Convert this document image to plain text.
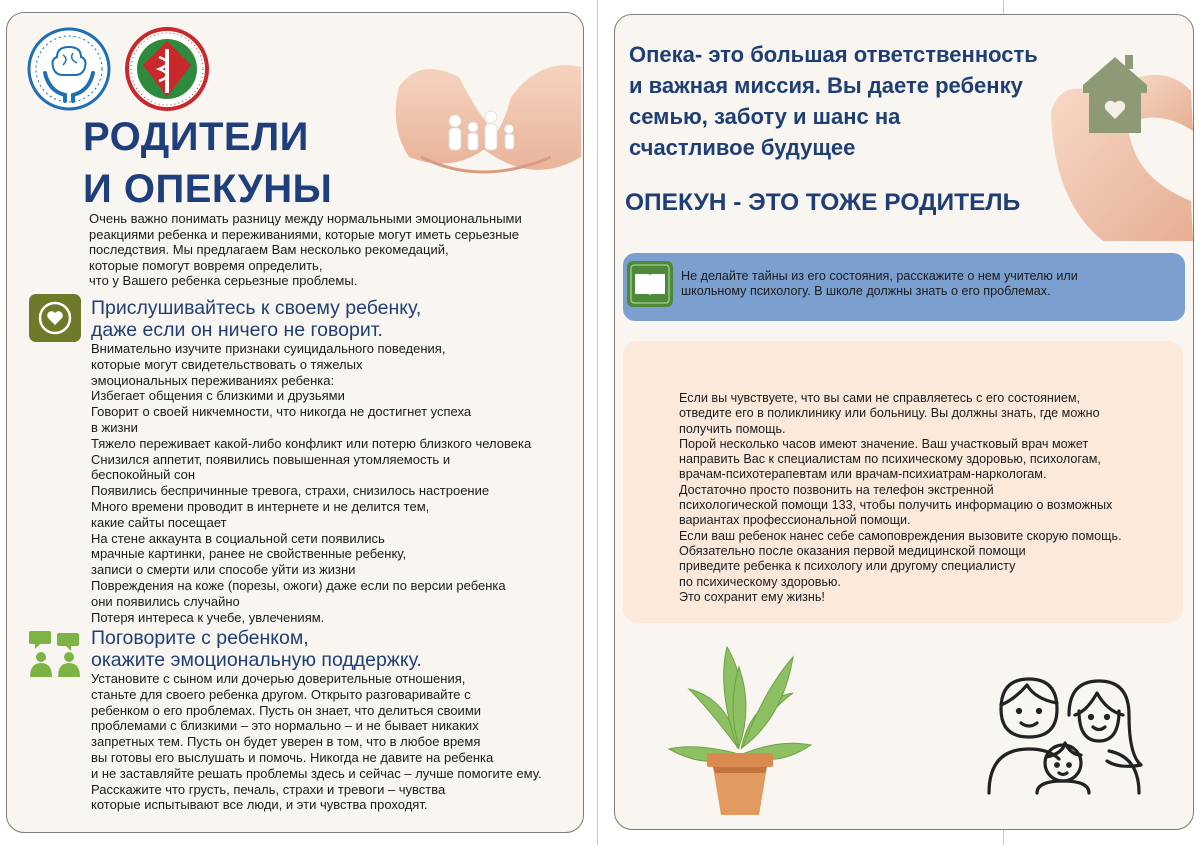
РОДИТЕЛИ
И ОПЕКУНЫ
Очень важно понимать разницу между нормальными эмоциональными
реакциями ребенка и переживаниями, которые могут иметь серьезные
последствия. Мы предлагаем Вам несколько рекомедаций,
которые помогут вовремя определить,
что у Вашего ребенка серьезные проблемы.
Прислушивайтесь к своему ребенку,
даже если он ничего не говорит.
Внимательно изучите признаки суицидального поведения,
которые могут свидетельствовать о тяжелых
эмоциональных переживаниях ребенка:
Избегает общения с близкими и друзьями
Говорит о своей никчемности, что никогда не достигнет успеха
в жизни
Тяжело переживает какой-либо конфликт или потерю близкого человека
Снизился аппетит, появились повышенная утомляемость и
беспокойный сон
Появились беспричинные тревога, страхи, снизилось настроение
Много времени проводит в интернете и не делится тем,
какие сайты посещает
На стене аккаунта в социальной сети появились
мрачные картинки, ранее не свойственные ребенку,
записи о смерти или способе уйти из жизни
Повреждения на коже (порезы, ожоги) даже если по версии ребенка
они появились случайно
Потеря интереса к учебе, увлечениям.
Поговорите с ребенком,
окажите эмоциональную поддержку.
Установите с сыном или дочерью доверительные отношения,
станьте для своего ребенка другом. Открыто разговаривайте с
ребенком о его проблемах. Пусть он знает, что делиться своими
проблемами с близкими – это нормально – и не бывает никаких
запретных тем. Пусть он будет уверен в том, что в любое время
вы готовы его выслушать и помочь. Никогда не давите на ребенка
и не заставляйте решать проблемы здесь и сейчас – лучше помогите ему.
Расскажите что грусть, печаль, страхи и тревоги – чувства
которые испытывают все люди, и эти чувства проходят.
Опека- это большая ответственность
и важная миссия. Вы даете ребенку
семью, заботу и шанс на
счастливое будущее
ОПЕКУН - ЭТО ТОЖЕ РОДИТЕЛЬ
Не делайте тайны из его состояния, расскажите о нем учителю или
школьному психологу. В школе должны знать о его проблемах.
Если вы чувствуете, что вы сами не справляетесь с его состоянием,
отведите его в поликлинику или больницу. Вы должны знать, где можно
получить помощь.
Порой несколько часов имеют значение. Ваш участковый врач может
направить Вас к специалистам по психическому здоровью, психологам,
врачам-психотерапевтам или врачам-психиатрам-наркологам.
Достаточно просто позвонить на телефон экстренной
психологической помощи 133, чтобы получить информацию о возможных
вариантах профессиональной помощи.
Если ваш ребенок нанес себе самоповреждения вызовите скорую помощь.
Обязательно после оказания первой медицинской помощи
приведите ребенка к психологу или другому специалисту
по психическому здоровью.
Это сохранит ему жизнь!
